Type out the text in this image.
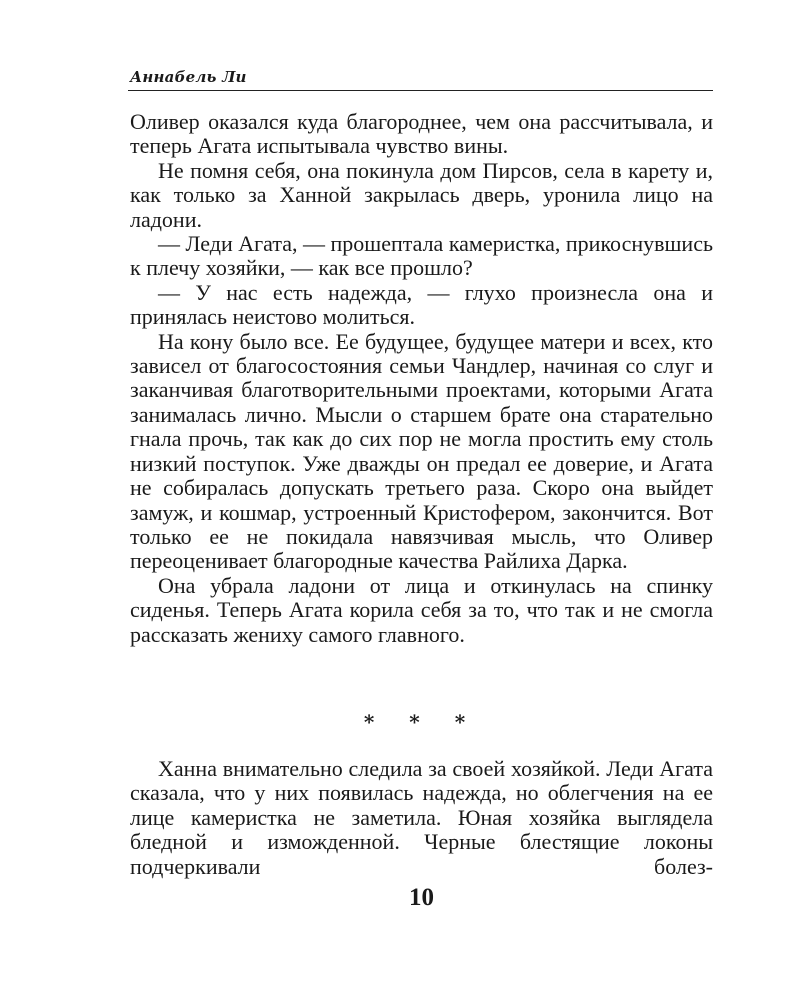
Аннабель Ли

Оливер оказался куда благороднее, чем она рассчитывала, и теперь Агата испытывала чувство вины.

Не помня себя, она покинула дом Пирсов, села в карету и, как только за Ханной закрылась дверь, уронила лицо на ладони.

— Леди Агата, — прошептала камеристка, прикоснувшись к плечу хозяйки, — как все прошло?

— У нас есть надежда, — глухо произнесла она и принялась неистово молиться.

На кону было все. Ее будущее, будущее матери и всех, кто зависел от благосостояния семьи Чандлер, начиная со слуг и заканчивая благотворительными проектами, которыми Агата занималась лично. Мысли о старшем брате она старательно гнала прочь, так как до сих пор не могла простить ему столь низкий поступок. Уже дважды он предал ее доверие, и Агата не собиралась допускать третьего раза. Скоро она выйдет замуж, и кошмар, устроенный Кристофером, закончится. Вот только ее не покидала навязчивая мысль, что Оливер переоценивает благородные качества Райлиха Дарка.

Она убрала ладони от лица и откинулась на спинку сиденья. Теперь Агата корила себя за то, что так и не смогла рассказать жениху самого главного.

* * *

Ханна внимательно следила за своей хозяйкой. Леди Агата сказала, что у них появилась надежда, но облегчения на ее лице камеристка не заметила. Юная хозяйка выглядела бледной и изможденной. Черные блестящие локоны подчеркивали болез-

10
